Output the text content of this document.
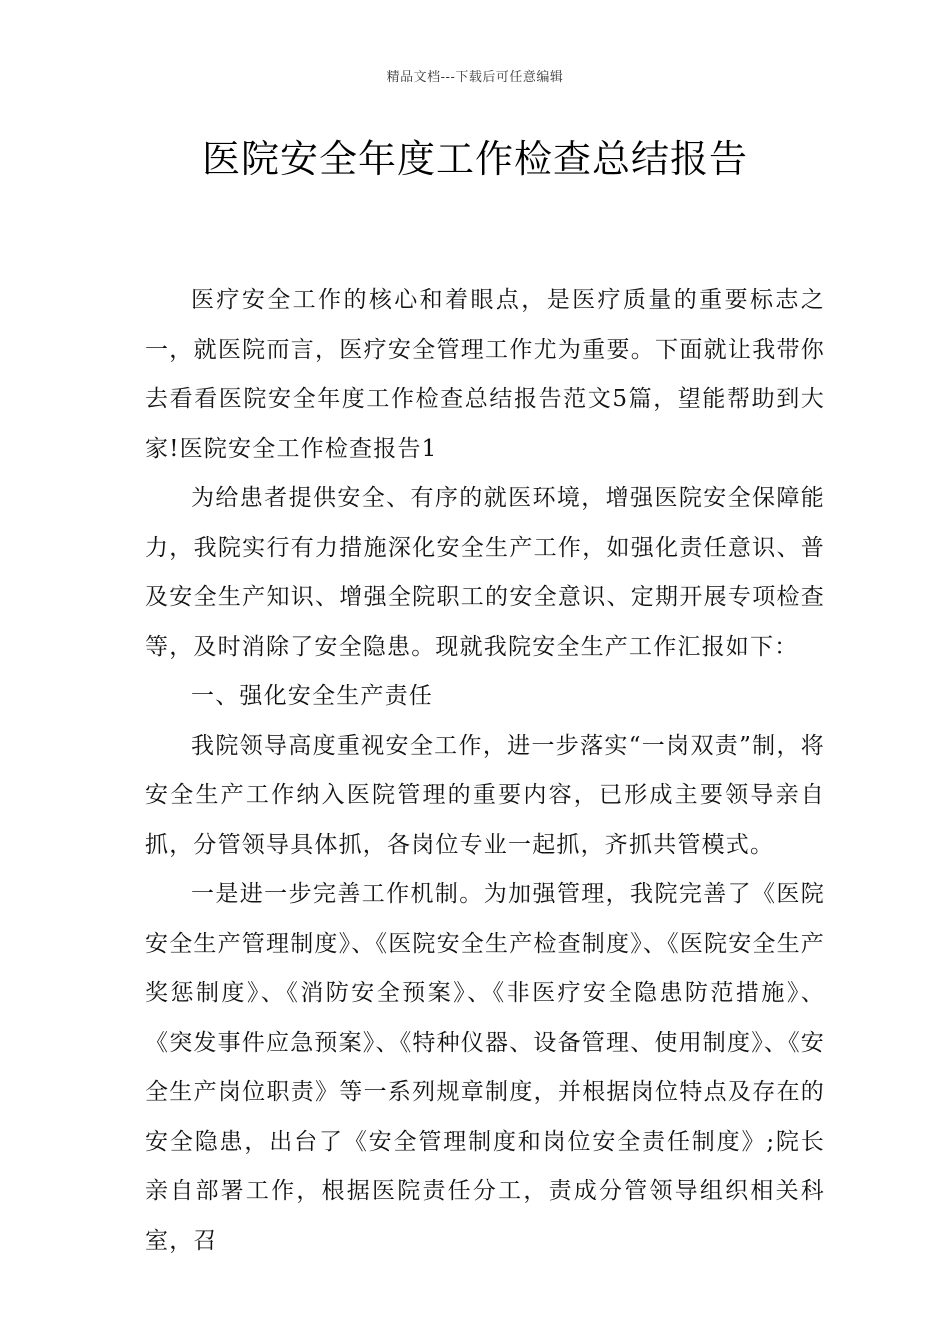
精品文档---下载后可任意编辑
医院安全年度工作检查总结报告

医疗安全工作的核心和着眼点，是医疗质量的重要标志之一，就医院而言，医疗安全管理工作尤为重要。下面就让我带你去看看医院安全年度工作检查总结报告范文5篇，望能帮助到大家!医院安全工作检查报告1

为给患者提供安全、有序的就医环境，增强医院安全保障能力，我院实行有力措施深化安全生产工作，如强化责任意识、普及安全生产知识、增强全院职工的安全意识、定期开展专项检查等，及时消除了安全隐患。现就我院安全生产工作汇报如下：

一、强化安全生产责任

我院领导高度重视安全工作，进一步落实“一岗双责”制，将安全生产工作纳入医院管理的重要内容，已形成主要领导亲自抓，分管领导具体抓，各岗位专业一起抓，齐抓共管模式。

一是进一步完善工作机制。为加强管理，我院完善了《医院安全生产管理制度》、《医院安全生产检查制度》、《医院安全生产奖惩制度》、《消防安全预案》、《非医疗安全隐患防范措施》、《突发事件应急预案》、《特种仪器、设备管理、使用制度》、《安全生产岗位职责》等一系列规章制度，并根据岗位特点及存在的安全隐患，出台了《安全管理制度和岗位安全责任制度》;院长亲自部署工作，根据医院责任分工，责成分管领导组织相关科室，召
